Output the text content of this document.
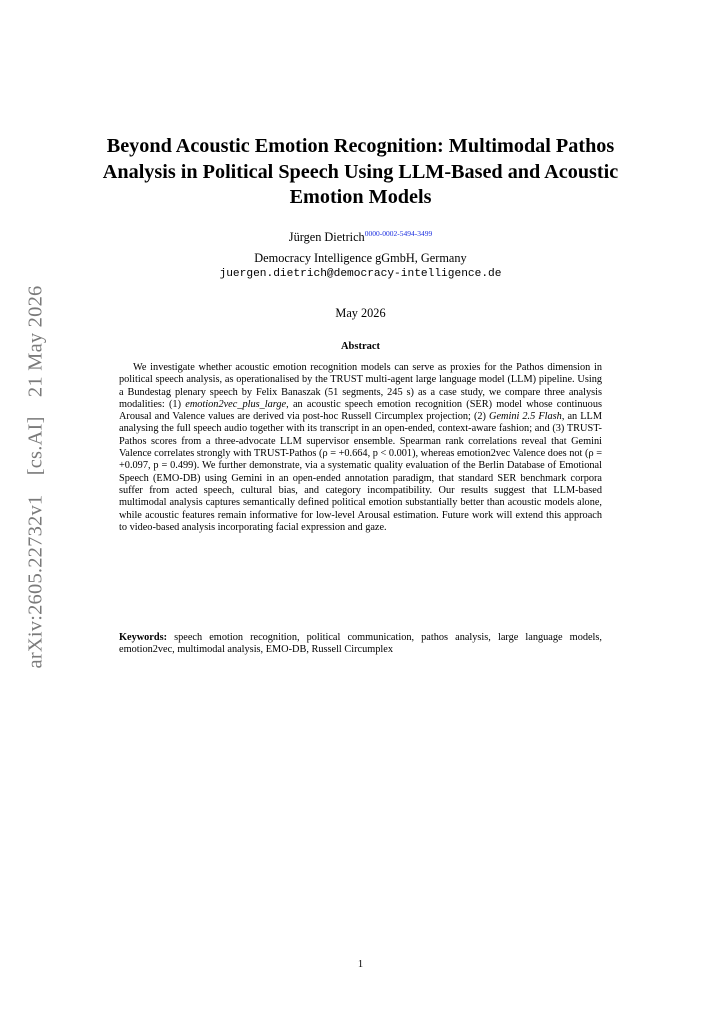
arXiv:2605.22732v1 [cs.AI] 21 May 2026
Beyond Acoustic Emotion Recognition: Multimodal Pathos Analysis in Political Speech Using LLM-Based and Acoustic Emotion Models
Jürgen Dietrich$^{0000-0002-5494-3499}$
Democracy Intelligence gGmbH, Germany
juergen.dietrich@democracy-intelligence.de
May 2026
Abstract

We investigate whether acoustic emotion recognition models can serve as proxies for the Pathos dimension in political speech analysis, as operationalised by the TRUST multi-agent large language model (LLM) pipeline. Using a Bundestag plenary speech by Felix Banaszak (51 segments, 245 s) as a case study, we compare three analysis modalities: (1) emotion2vec_plus_large, an acoustic speech emotion recognition (SER) model whose continuous Arousal and Valence values are derived via post-hoc Russell Circumplex projection; (2) Gemini 2.5 Flash, an LLM analysing the full speech audio together with its transcript in an open-ended, context-aware fashion; and (3) TRUST-Pathos scores from a three-advocate LLM supervisor ensemble. Spearman rank correlations reveal that Gemini Valence correlates strongly with TRUST-Pathos (ρ = +0.664, p < 0.001), whereas emotion2vec Valence does not (ρ = +0.097, p = 0.499). We further demonstrate, via a systematic quality evaluation of the Berlin Database of Emotional Speech (EMO-DB) using Gemini in an open-ended annotation paradigm, that standard SER benchmark corpora suffer from acted speech, cultural bias, and category incompatibility. Our results suggest that LLM-based multimodal analysis captures semantically defined political emotion substantially better than acoustic models alone, while acoustic features remain informative for low-level Arousal estimation. Future work will extend this approach to video-based analysis incorporating facial expression and gaze.

Keywords: speech emotion recognition, political communication, pathos analysis, large language models, emotion2vec, multimodal analysis, EMO-DB, Russell Circumplex

1
